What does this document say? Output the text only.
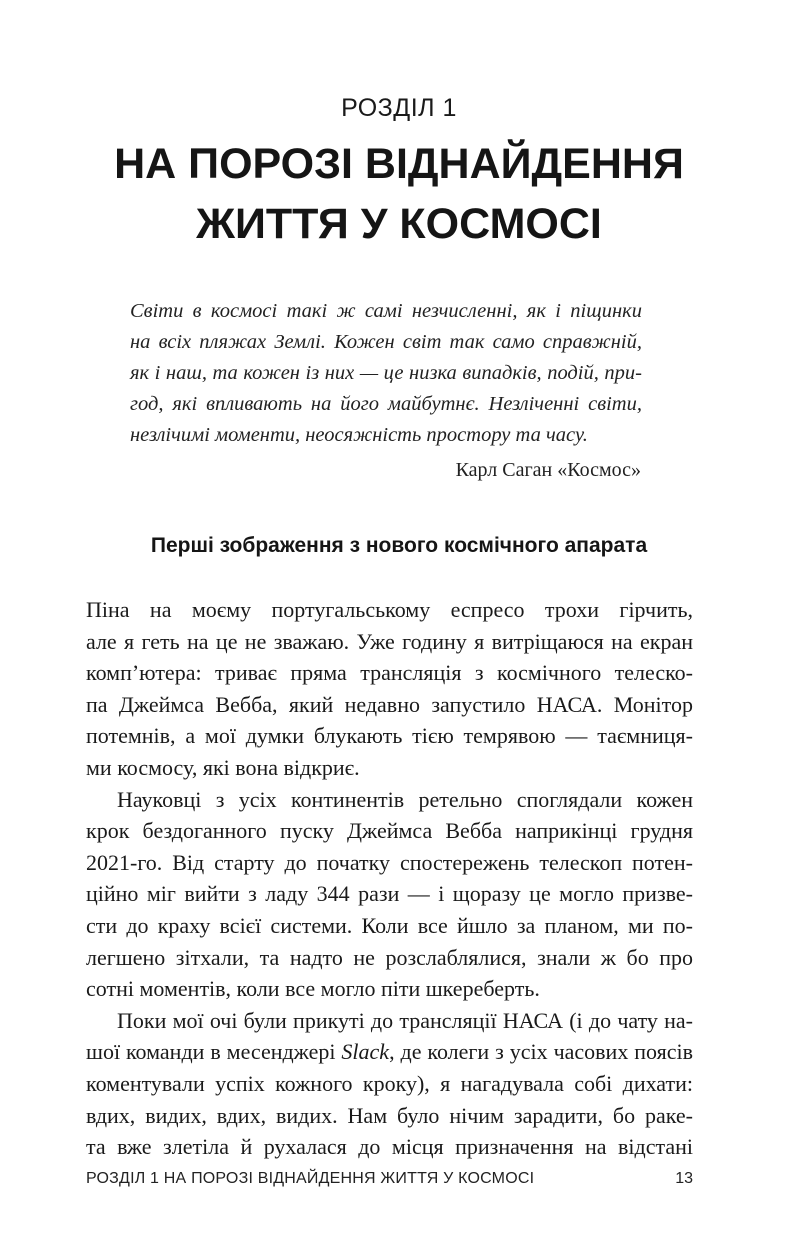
РОЗДІЛ 1
НА ПОРОЗІ ВІДНАЙДЕННЯ
ЖИТТЯ У КОСМОСІ
Світи в космосі такі ж самі незчисленні, як і піщинки
на всіх пляжах Землі. Кожен світ так само справжній,
як і наш, та кожен із них — це низка випадків, подій, при-
год, які впливають на його майбутнє. Незліченні світи,
незлічимі моменти, неосяжність простору та часу.
Карл Саган «Космос»
Перші зображення з нового космічного апарата
Піна на моєму португальському еспресо трохи гірчить,
але я геть на це не зважаю. Уже годину я витріщаюся на екран
комп’ютера: триває пряма трансляція з космічного телеско-
па Джеймса Вебба, який недавно запустило НАСА. Монітор
потемнів, а мої думки блукають тією темрявою — таємниця-
ми космосу, які вона відкриє.
Науковці з усіх континентів ретельно споглядали кожен
крок бездоганного пуску Джеймса Вебба наприкінці грудня
2021-го. Від старту до початку спостережень телескоп потен-
ційно міг вийти з ладу 344 рази — і щоразу це могло призве-
сти до краху всієї системи. Коли все йшло за планом, ми по-
легшено зітхали, та надто не розслаблялися, знали ж бо про
сотні моментів, коли все могло піти шкереберть.
Поки мої очі були прикуті до трансляції НАСА (і до чату на-
шої команди в месенджері Slack, де колеги з усіх часових поясів
коментували успіх кожного кроку), я нагадувала собі дихати:
вдих, видих, вдих, видих. Нам було нічим зарадити, бо раке-
та вже злетіла й рухалася до місця призначення на відстані
РОЗДІЛ 1 НА ПОРОЗІ ВІДНАЙДЕННЯ ЖИТТЯ У КОСМОСІ	13
